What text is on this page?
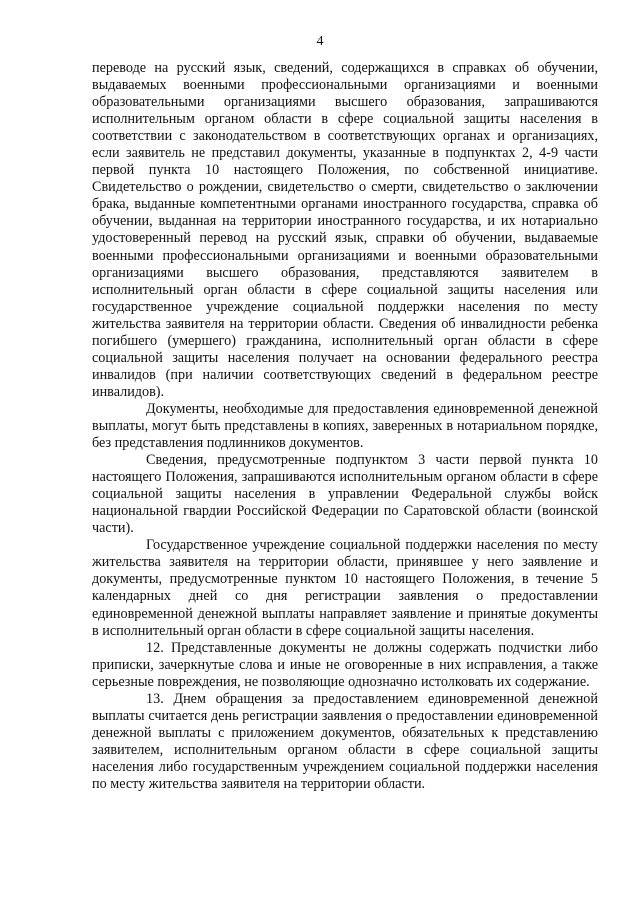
4

переводе на русский язык, сведений, содержащихся в справках об обучении, выдаваемых военными профессиональными организациями и военными образовательными организациями высшего образования, запрашиваются исполнительным органом области в сфере социальной защиты населения в соответствии с законодательством в соответствующих органах и организациях, если заявитель не представил документы, указанные в подпунктах 2, 4-9 части первой пункта 10 настоящего Положения, по собственной инициативе. Свидетельство о рождении, свидетельство о смерти, свидетельство о заключении брака, выданные компетентными органами иностранного государства, справка об обучении, выданная на территории иностранного государства, и их нотариально удостоверенный перевод на русский язык, справки об обучении, выдаваемые военными профессиональными организациями и военными образовательными организациями высшего образования, представляются заявителем в исполнительный орган области в сфере социальной защиты населения или государственное учреждение социальной поддержки населения по месту жительства заявителя на территории области. Сведения об инвалидности ребенка погибшего (умершего) гражданина, исполнительный орган области в сфере социальной защиты населения получает на основании федерального реестра инвалидов (при наличии соответствующих сведений в федеральном реестре инвалидов).

Документы, необходимые для предоставления единовременной денежной выплаты, могут быть представлены в копиях, заверенных в нотариальном порядке, без представления подлинников документов.

Сведения, предусмотренные подпунктом 3 части первой пункта 10 настоящего Положения, запрашиваются исполнительным органом области в сфере социальной защиты населения в управлении Федеральной службы войск национальной гвардии Российской Федерации по Саратовской области (воинской части).

Государственное учреждение социальной поддержки населения по месту жительства заявителя на территории области, принявшее у него заявление и документы, предусмотренные пунктом 10 настоящего Положения, в течение 5 календарных дней со дня регистрации заявления о предоставлении единовременной денежной выплаты направляет заявление и принятые документы в исполнительный орган области в сфере социальной защиты населения.

12. Представленные документы не должны содержать подчистки либо приписки, зачеркнутые слова и иные не оговоренные в них исправления, а также серьезные повреждения, не позволяющие однозначно истолковать их содержание.

13. Днем обращения за предоставлением единовременной денежной выплаты считается день регистрации заявления о предоставлении единовременной денежной выплаты с приложением документов, обязательных к представлению заявителем, исполнительным органом области в сфере социальной защиты населения либо государственным учреждением социальной поддержки населения по месту жительства заявителя на территории области.
